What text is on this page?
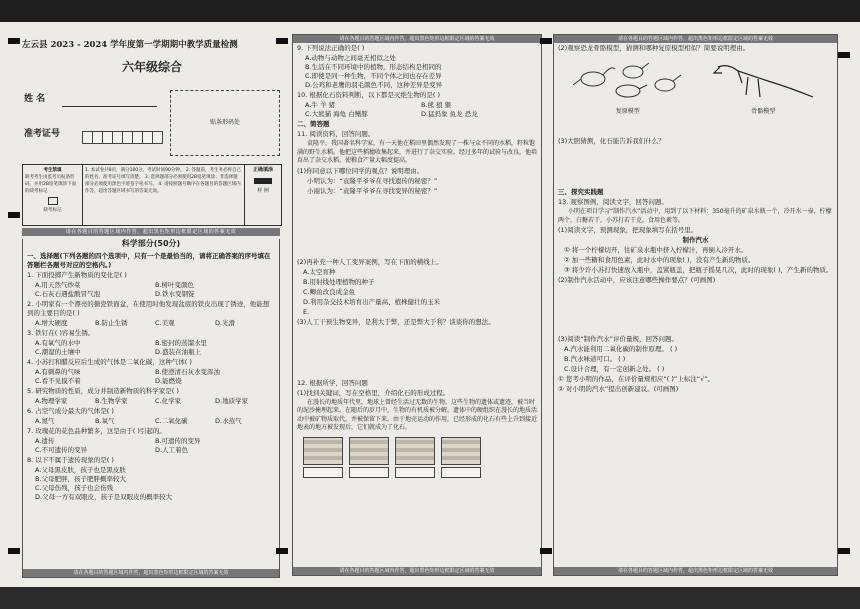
左云县 2023 - 2024 学年度第一学期期中教学质量检测
六年级综合
姓 名
准考证号
贴条形码处
考生禁填
缺考考生由监考员贴条形码，并用2B铅笔填涂下面的缺考标记
缺考标记
1. 本试卷共8页，满分100分，考试时间90分钟。 2. 答题前，考生务必将自己的姓名、准考证号填写清楚。 3. 选择题部分必须使用2B铅笔填涂；非选择题部分必须使用黑色字迹签字笔书写。 4. 请按照题号顺序在各题目的答题区域内作答，超出答题区域书写的答案无效。
正确填涂
样 例
请在各题目的答题区域内作答，超出黑色矩形边框限定区域的答案无效
科学部分(50分)
一、选择题(下列各题的四个选项中，只有一个是最恰当的，请将正确答案的序号填在答题栏各题号对应的空格内。)
1. 下面投掷产生新物质的变化是( )
A.用天然气炒菜	B.树叶变颜色
C.石灰石遇盐酸冒气泡	D.铁水变钢锭
2. 小明家有一个漂亮的搪瓷铁面盆，在使用时他发现盆底的铁皮出现了锈迹，他能想到的主要目的是( )
A.增大硬度	B.防止生锈	C.美观	D.光滑
3. 铁钉在( )容易生锈。
A.有氧气的水中	B.密封的蒸馏水里
C.潮湿的土壤中	D.盛装在油瓶上
4. 小苏打和醋反应后生成的气体是二氧化碳，这种气体( )
A.有刺鼻的气味	B.使澄清石灰水变浑浊
C.看不见摸不着	D.能燃烧
5. 研究物质的性质，成分并制造新物质的科学家是( )
A.物理学家	B.生物学家	C.化学家	D.地质学家
6. 占空气成分最大的气体是( )
A.氮气	B.氧气	C.二氧化碳	D.水蒸气
7. 玫瑰花的花色品种繁多，这是由于( )引起的。
A.遗传	B.可遗传的变异
C.不可遗传的变异	D.人工着色
8. 以下不属于遗传现象的是( )
A.父母黑皮肤，孩子也是黑皮肤
B.父母肥胖，孩子肥胖概率较大
C.父母伤残，孩子也会伤残
D.父母一方有双眼皮，孩子是双眼皮的概率较大
请在各题目的答题区域内作答，超出黑色矩形边框限定区域的答案无效
请在各题目的答题区域内作答，超出黑色矩形边框限定区域的答案无效
9. 下列说法正确的是( )
A.动物与动物之间毫无相似之处
B.生活在不同环境中的植物，形态结构是相同的
C.即使是同一种生物，不同个体之间也存在差异
D.公鸡和老鹰的羽毛颜色不同，这种差异是变异
10. 根据化石资料判断，以下都是灭绝生物的是( )
A.牛 羊 猪	B.熊 狼 猴
C.大熊猫 海龟 白鳍豚	D.猛犸象 鱼龙 恐龙
二、简答题
11. 阅读资料，回答问题。
袁隆平，我国著名科学家，有一天他在稻田里偶然发现了一株与众不同的水稻，籽粒饱满的野生水稻。他把这些稻穗收集起来，并进行了杂交实验。经过多年的试验与改良，他培育出了杂交水稻，使粮食产量大幅度提高。
(1)你同意以下哪位同学的观点？说明理由。
小明认为：“袁隆平爷爷在寻找遗传的秘密？”
小丽认为：“袁隆平爷爷在寻找变异的秘密？”
(2)再补充一种人工变异案例，写在下面的横线上。
A.太空育种
B.用射线处理植物的种子
C.鲫鱼改良成金鱼
D.利用杂交技术培育出产量高、植株健壮的玉米
E.
(3)人工干预生物变异，是利大于弊，还是弊大于利？谈谈你的想法。
12. 根据所学，回答问题
(1)找到关键词，写在空格里，介绍化石的形成过程。
在漫长的地质年代里，地球上曾经生活过无数的生物。这些生物的遗体或遗迹，被当时的泥沙掩埋起来。在随后的岁月中，生物的有机质被分解，遗体中的硬组织在漫长的地质活动中被矿物质取代，并被保留下来。由于地壳运动的作用，已经形成的化石有些上升到接近地表的地方被发现后，它们就成为了化石。
请在各题目的答题区域内作答，超出黑色矩形边框限定区域的答案无效
请在各题目的答题区域内作答，超出黑色矩形边框限定区域的答案无效
(2)观察恐龙骨骼模型，猜测和哪种复原模型相似？简要说明理由。
复原模型	骨骼模型
(3)大胆猜测，化石能告诉我们什么？
三、探究实践题
13. 观察图例，阅读文字，回答问题。
小明在项目学习“制作汽水”活动中，用到了以下材料：350毫升的矿泉水瓶一个，冷开水一壶，柠檬两个，白糖若干，小苏打若干克，食用色素等。
(1)阅读文字，预测现象，把现象填写在括号里。
制作汽水
① 将一个柠檬切开，往矿泉水瓶中挤入柠檬汁，再倒入冷开水。
② 加一些糖和食用色素，此时水中的现象( )，没有产生新的物质。
③ 将少许小苏打快速放入瓶中，盖紧瓶盖，把瓶子摇晃几次，此时的现象( )，产生新的物质。
(2)制作汽水活动中，应该注意哪些操作要点？(可画图)
(3)阅读“制作汽水”评价量规，回答问题。
A.汽水能利用二氧化碳的制作原理。 ( )
B.汽水味道可口。 ( )
C.设计合理，有一定创新之处。 ( )
① 您考小明的作品，在评价量规相应“( )”上标注“√”。
② 对小明的汽水”提出创新建议。(可画图)
请在各题目的答题区域内作答，超出黑色矩形边框限定区域的答案无效
